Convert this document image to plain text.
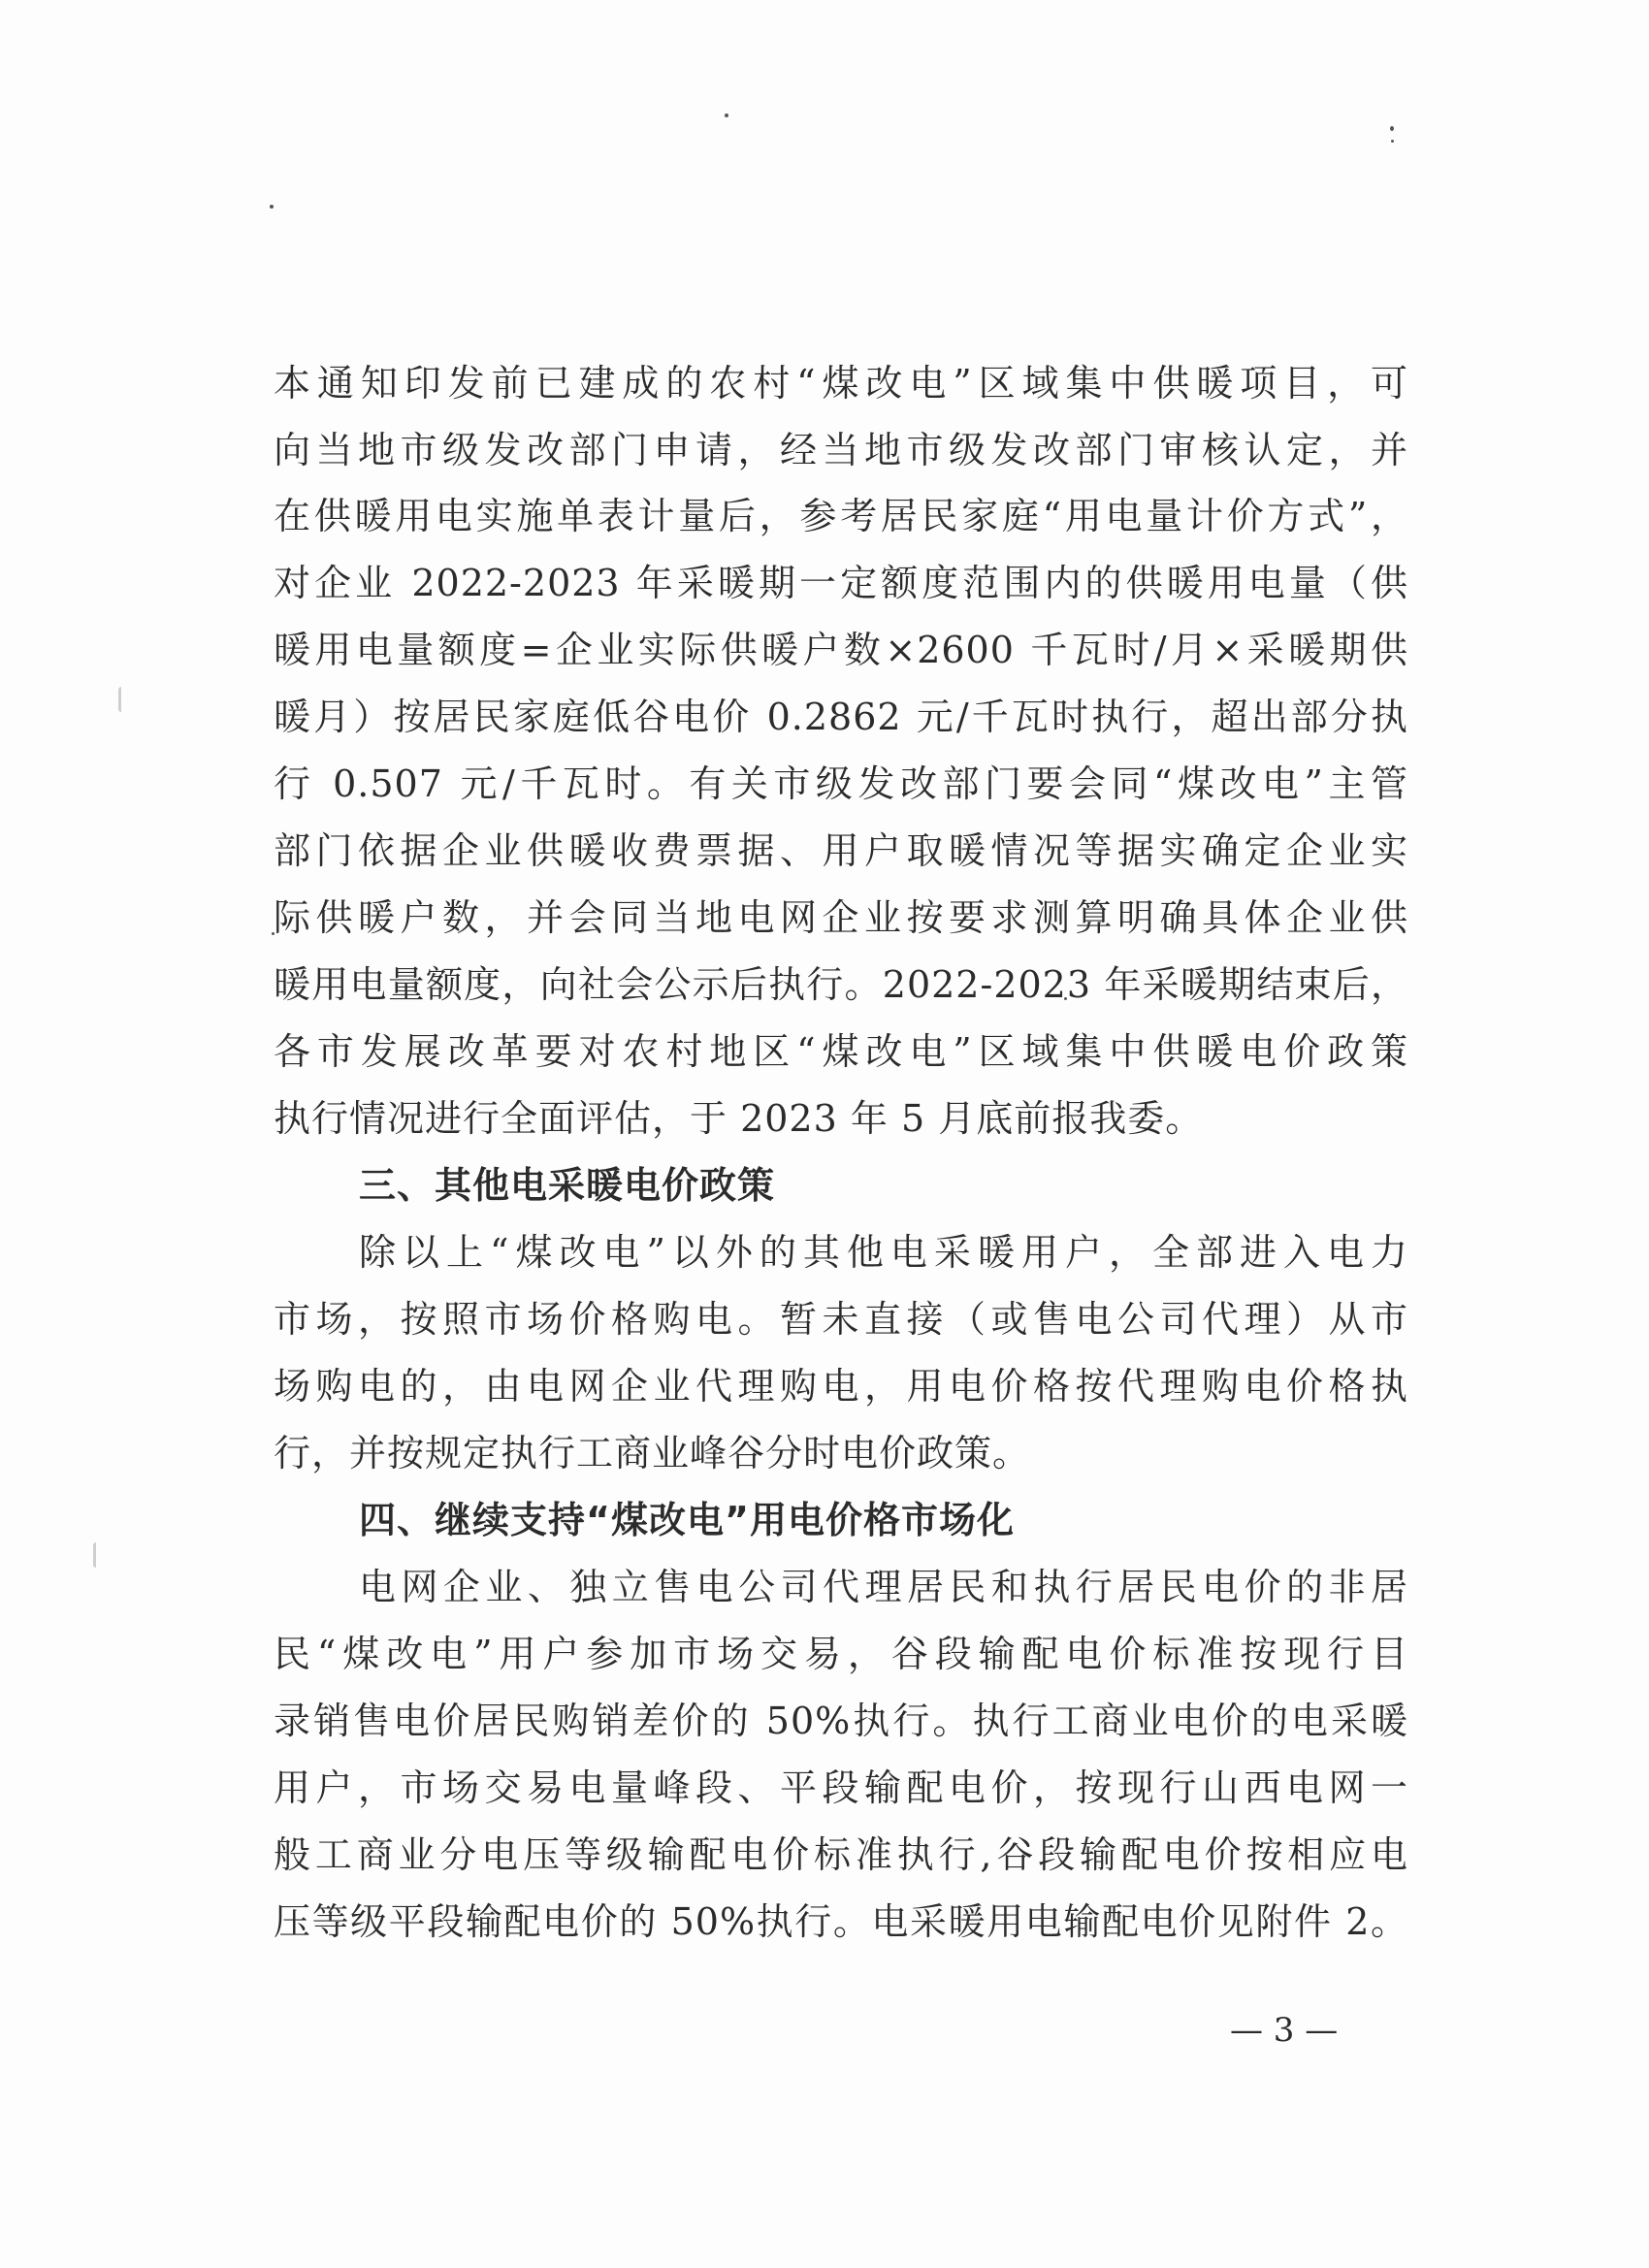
本通知印发前已建成的农村“煤改电”区域集中供暖项目，可
向当地市级发改部门申请，经当地市级发改部门审核认定，并
在供暖用电实施单表计量后，参考居民家庭“用电量计价方式”，
对企业 2022-2023 年采暖期一定额度范围内的供暖用电量（供
暖用电量额度=企业实际供暖户数×2600 千瓦时/月×采暖期供
暖月）按居民家庭低谷电价 0.2862 元/千瓦时执行，超出部分执
行 0.507 元/千瓦时。有关市级发改部门要会同“煤改电”主管
部门依据企业供暖收费票据、用户取暖情况等据实确定企业实
际供暖户数，并会同当地电网企业按要求测算明确具体企业供
暖用电量额度，向社会公示后执行。2022-2023 年采暖期结束后，
各市发展改革要对农村地区“煤改电”区域集中供暖电价政策
执行情况进行全面评估，于 2023 年 5 月底前报我委。
三、其他电采暖电价政策
除以上“煤改电”以外的其他电采暖用户，全部进入电力
市场，按照市场价格购电。暂未直接（或售电公司代理）从市
场购电的，由电网企业代理购电，用电价格按代理购电价格执
行，并按规定执行工商业峰谷分时电价政策。
四、继续支持“煤改电”用电价格市场化
电网企业、独立售电公司代理居民和执行居民电价的非居
民“煤改电”用户参加市场交易，谷段输配电价标准按现行目
录销售电价居民购销差价的 50%执行。执行工商业电价的电采暖
用户，市场交易电量峰段、平段输配电价，按现行山西电网一
般工商业分电压等级输配电价标准执行,谷段输配电价按相应电
压等级平段输配电价的 50%执行。电采暖用电输配电价见附件 2。
— 3 —
